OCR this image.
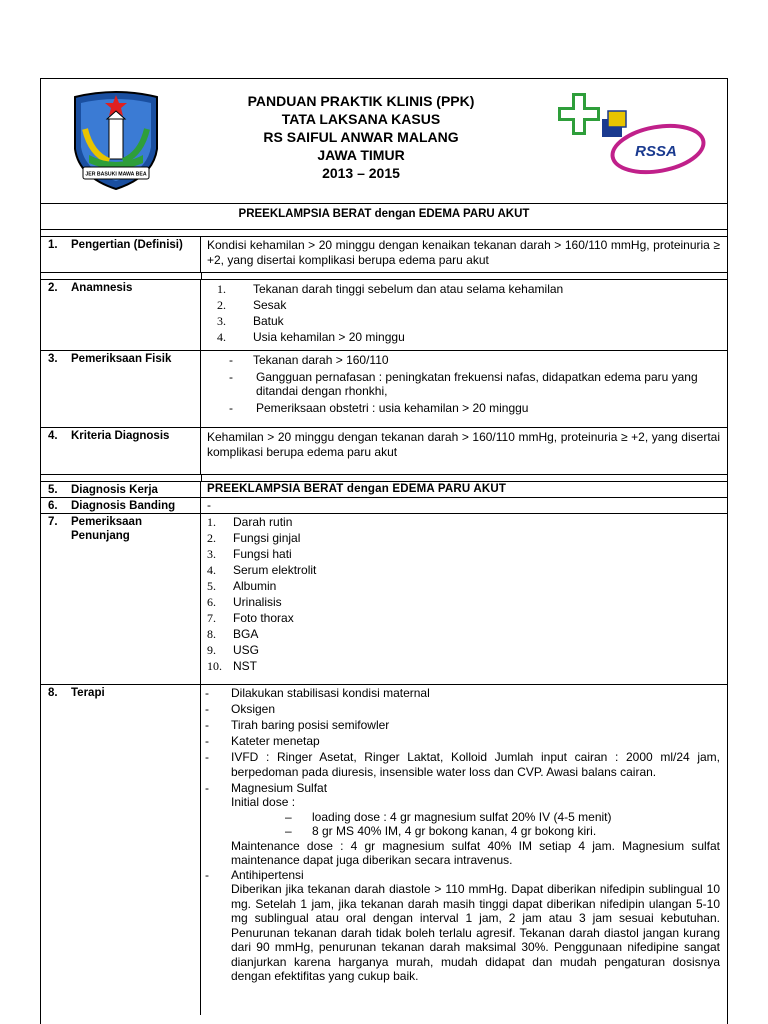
JER BASUKI MAWA BEA
PANDUAN PRAKTIK KLINIS (PPK)
TATA LAKSANA KASUS
RS SAIFUL ANWAR MALANG
JAWA TIMUR
2013 – 2015
RSSA
PREEKLAMPSIA BERAT dengan EDEMA PARU AKUT
1.	Pengertian (Definisi)	Kondisi kehamilan > 20 minggu dengan kenaikan tekanan darah > 160/110 mmHg, proteinuria ≥ +2, yang disertai komplikasi berupa edema paru akut
2.	Anamnesis	1.	Tekanan darah tinggi sebelum dan atau selama kehamilan
2.	Sesak
3.	Batuk
4.	Usia kehamilan > 20 minggu
3.	Pemeriksaan Fisik	-	Tekanan darah > 160/110
-	Gangguan pernafasan : peningkatan frekuensi nafas, didapatkan edema paru yang ditandai dengan rhonkhi,
-	Pemeriksaan obstetri : usia kehamilan > 20 minggu
4.	Kriteria Diagnosis	Kehamilan > 20 minggu dengan tekanan darah > 160/110 mmHg, proteinuria ≥ +2, yang disertai komplikasi berupa edema paru akut
5.	Diagnosis Kerja	PREEKLAMPSIA BERAT dengan EDEMA PARU AKUT
6.	Diagnosis Banding	-
7.	Pemeriksaan Penunjang
1.	Darah rutin
2.	Fungsi ginjal
3.	Fungsi hati
4.	Serum elektrolit
5.	Albumin
6.	Urinalisis
7.	Foto thorax
8.	BGA
9.	USG
10. NST
8.	Terapi	-	Dilakukan stabilisasi kondisi maternal
-	Oksigen
-	Tirah baring posisi semifowler
-	Kateter menetap
-	IVFD : Ringer Asetat, Ringer Laktat, Kolloid Jumlah input cairan : 2000 ml/24 jam, berpedoman pada diuresis, insensible water loss dan CVP. Awasi balans cairan.
-	Magnesium Sulfat
Initial dose :
–	loading dose : 4 gr magnesium sulfat 20% IV (4-5 menit)
–	8 gr MS 40% IM, 4 gr bokong kanan, 4 gr bokong kiri.
Maintenance dose : 4 gr magnesium sulfat 40% IM setiap 4 jam. Magnesium sulfat maintenance dapat juga diberikan secara intravenus.
-	Antihipertensi
Diberikan jika tekanan darah diastole > 110 mmHg. Dapat diberikan nifedipin sublingual 10 mg. Setelah 1 jam, jika tekanan darah masih tinggi dapat diberikan nifedipin ulangan 5-10 mg sublingual atau oral dengan interval 1 jam, 2 jam atau 3 jam sesuai kebutuhan. Penurunan tekanan darah tidak boleh terlalu agresif. Tekanan darah diastol jangan kurang dari 90 mmHg, penurunan tekanan darah maksimal 30%. Penggunaan nifedipine sangat dianjurkan karena harganya murah, mudah didapat dan mudah pengaturan dosisnya dengan efektifitas yang cukup baik.
